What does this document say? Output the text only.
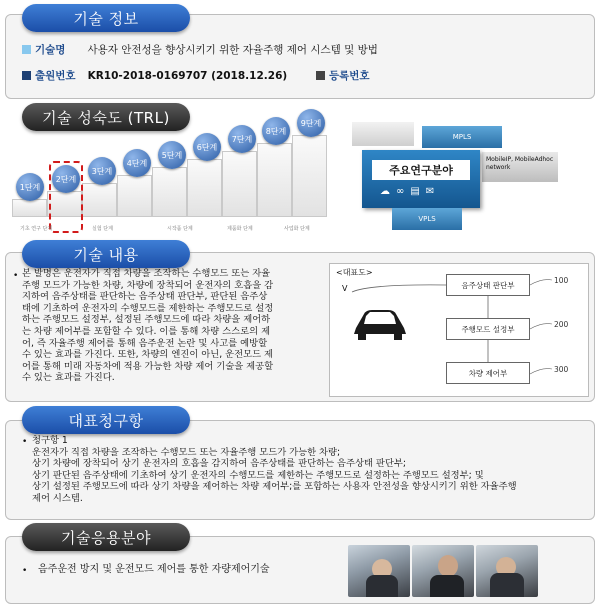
기술 정보
기술명 사용자 안전성을 향상시키기 위한 자율주행 제어 시스템 및 방법
출원번호 KR10-2018-0169707 (2018.12.26)	등록번호
기술 성숙도 (TRL)
1단계
2단계
3단계
4단계
5단계
6단계
7단계
8단계
9단계
기초 연구 단계	실험 단계	시작품 단계	제품화 단계	사업화 단계
MPLS
MobileIP, MobileAdhoc network
주요연구분야
☁∞▤✉
VPLS
기술 내용
• 본 발명은 운전자가 직접 차량을 조작하는 수행모드 또는 자율
주행 모드가 가능한 차량, 차량에 장착되어 운전자의 호흡을 감
지하여 음주상태를 판단하는 음주상태 판단부, 판단된 음주상
태에 기초하여 운전자의 수행모드를 제한하는 주행모드로 설정
하는 주행모드 설정부, 설정된 주행모드에 따라 차량을 제어하
는 차량 제어부를 포함할 수 있다. 이를 통해 차량 스스로의 제
어, 즉 자율주행 제어를 통해 음주운전 논란 및 사고를 예방할
수 있는 효과를 가진다. 또한, 차량의 엔진이 아닌, 운전모드 제
어를 통해 미래 자동차에 적용 가능한 차량 제어 기술을 제공할
수 있는 효과를 가진다.
<대표도>
V	음주상태 판단부
주행모드 설정부
차량 제어부
100
200
300
대표청구항
• 청구항 1
운전자가 직접 차량을 조작하는 수행모드 또는 자율주행 모드가 가능한 차량;
상기 차량에 장착되어 상기 운전자의 호흡을 감지하여 음주상태를 판단하는 음주상태 판단부;
상기 판단된 음주상태에 기초하여 상기 운전자의 수행모드를 제한하는 주행모드로 설정하는 주행모드 설정부; 및
상기 설정된 주행모드에 따라 상기 차량을 제어하는 차량 제어부;를 포함하는 사용자 안전성을 향상시키기 위한 자율주행
제어 시스템.
기술응용분야
• 음주운전 방지 및 운전모드 제어를 통한 자량제어기술
